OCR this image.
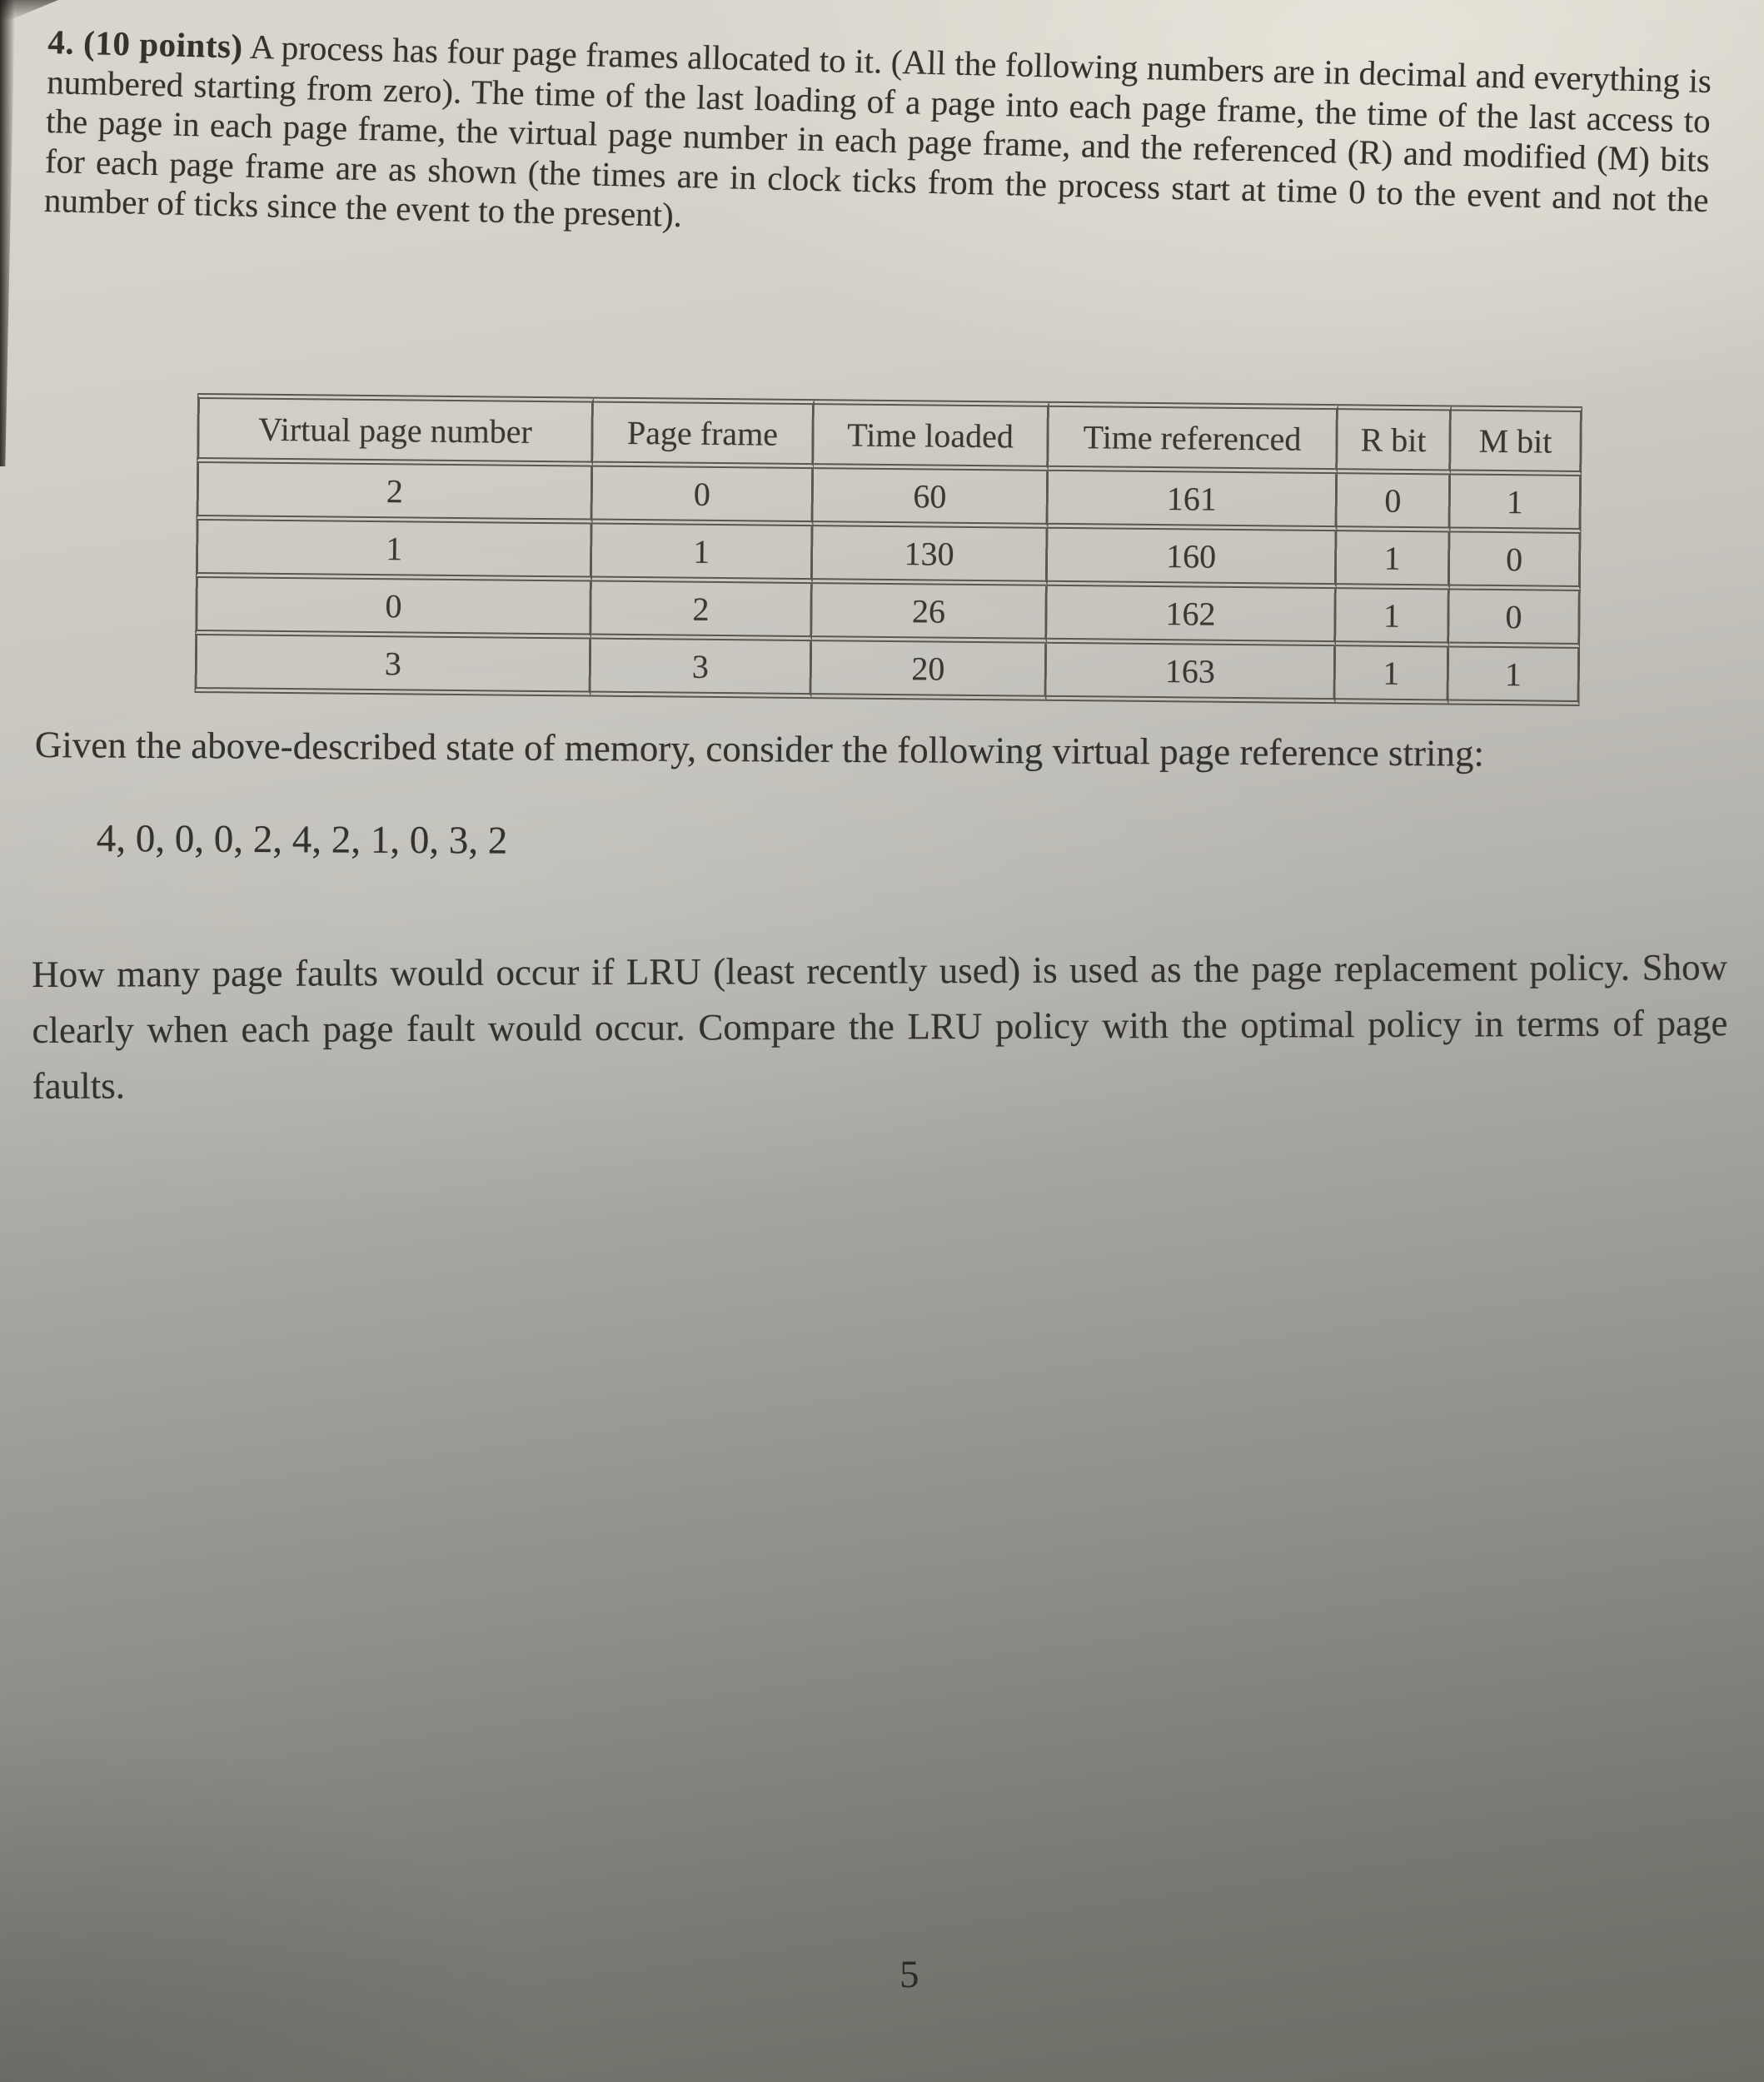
4. (10 points) A process has four page frames allocated to it. (All the following numbers are in decimal and everything is numbered starting from zero). The time of the last loading of a page into each page frame, the time of the last access to the page in each page frame, the virtual page number in each page frame, and the referenced (R) and modified (M) bits for each page frame are as shown (the times are in clock ticks from the process start at time 0 to the event and not the number of ticks since the event to the present).

Virtual page number	Page frame	Time loaded	Time referenced	R bit	M bit
2	0	60	161	0	1
1	1	130	160	1	0
0	2	26	162	1	0
3	3	20	163	1	1
Given the above-described state of memory, consider the following virtual page reference string:
4, 0, 0, 0, 2, 4, 2, 1, 0, 3, 2

How many page faults would occur if LRU (least recently used) is used as the page replacement policy. Show clearly when each page fault would occur. Compare the LRU policy with the optimal policy in terms of page faults.

5
